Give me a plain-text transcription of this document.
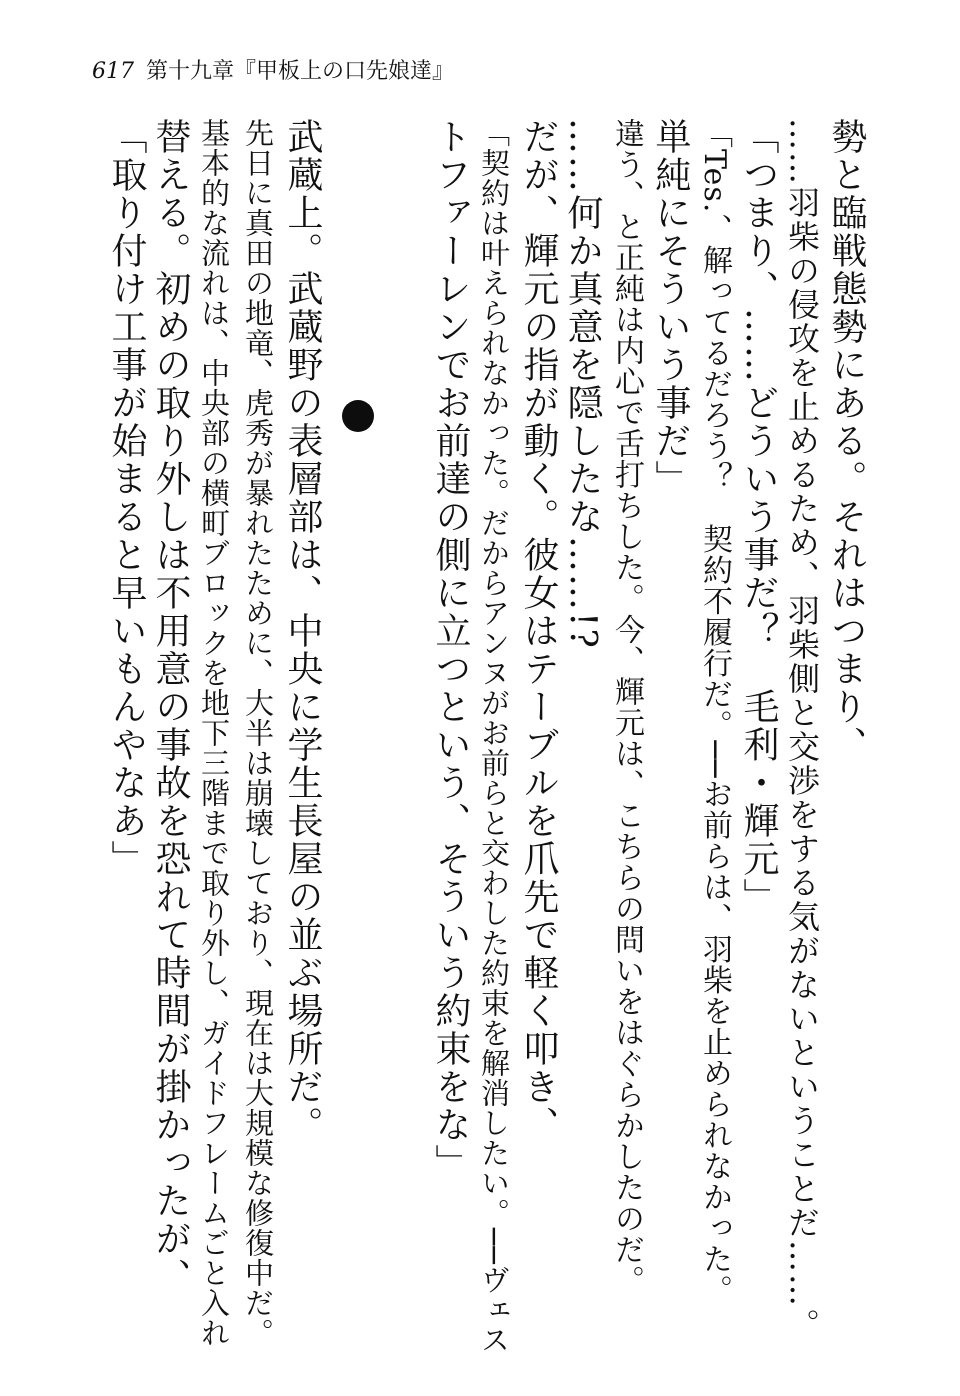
617 第十九章『甲板上の口先娘達』
勢と臨戦態勢にある。それはつまり、
……羽柴の侵攻を止めるため、羽柴側と交渉をする気がないということだ……。
「つまり、……どういう事だ？　毛利・輝元」
「Tes.、解ってるだろう？　契約不履行だ。──お前らは、羽柴を止められなかった。
単純にそういう事だ」
違う、と正純は内心で舌打ちした。今、輝元は、こちらの問いをはぐらかしたのだ。
……何か真意を隠したな……!?
だが、輝元の指が動く。彼女はテーブルを爪先で軽く叩き、
「契約は叶えられなかった。だからアンヌがお前らと交わした約束を解消したい。──ヴェス
トファーレンでお前達の側に立つという、そういう約束をな」
武蔵上。武蔵野の表層部は、中央に学生長屋の並ぶ場所だ。
先日に真田の地竜、虎秀が暴れたために、大半は崩壊しており、現在は大規模な修復中だ。
基本的な流れは、中央部の横町ブロックを地下三階まで取り外し、ガイドフレームごと入れ
替える。初めの取り外しは不用意の事故を恐れて時間が掛かったが、
「取り付け工事が始まると早いもんやなあ」
